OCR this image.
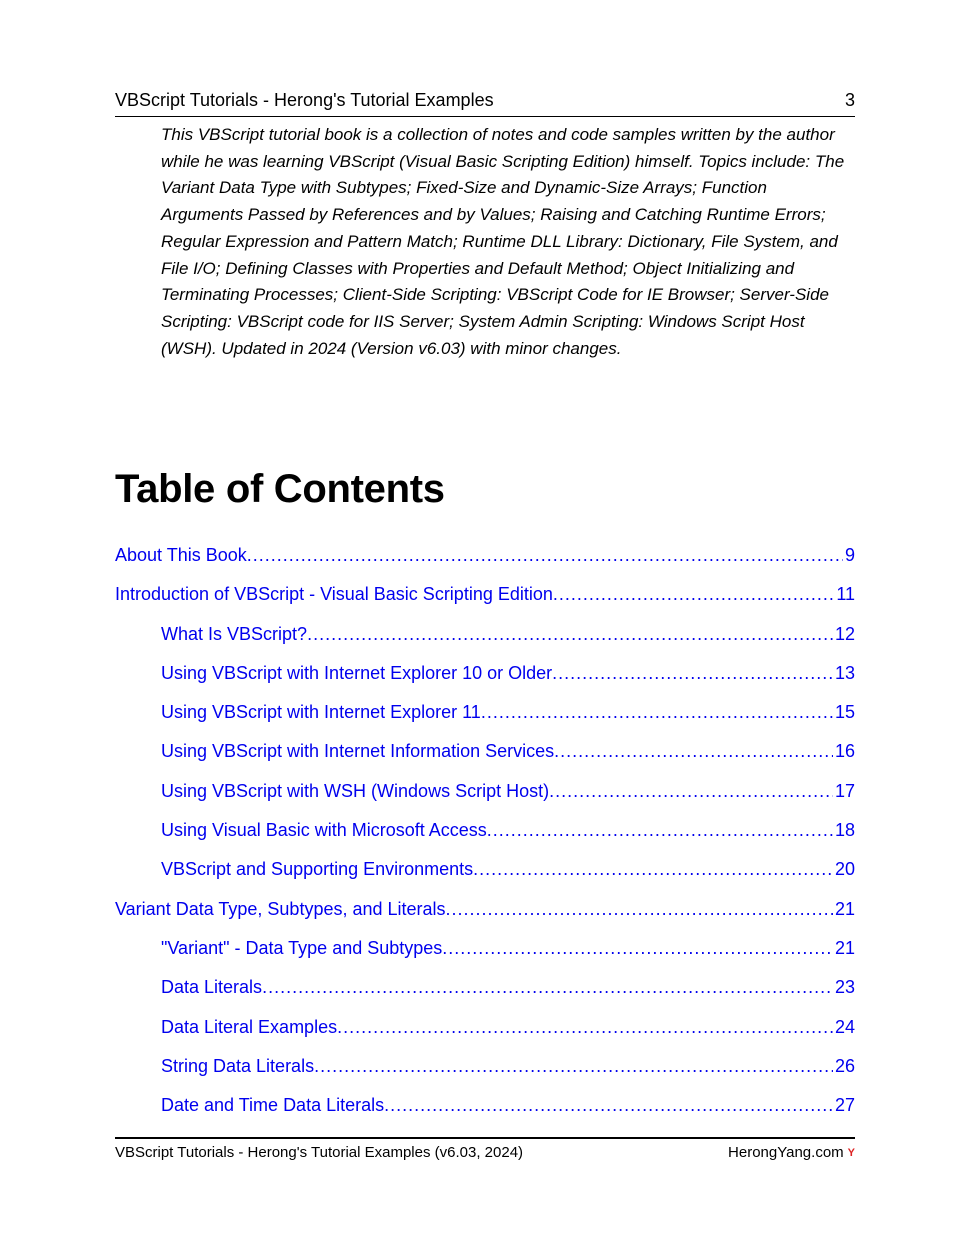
VBScript Tutorials - Herong's Tutorial Examples	3
This VBScript tutorial book is a collection of notes and code samples written by the author while he was learning VBScript (Visual Basic Scripting Edition) himself. Topics include: The Variant Data Type with Subtypes; Fixed-Size and Dynamic-Size Arrays; Function Arguments Passed by References and by Values; Raising and Catching Runtime Errors; Regular Expression and Pattern Match; Runtime DLL Library: Dictionary, File System, and File I/O; Defining Classes with Properties and Default Method; Object Initializing and Terminating Processes; Client-Side Scripting: VBScript Code for IE Browser; Server-Side Scripting: VBScript code for IIS Server; System Admin Scripting: Windows Script Host (WSH). Updated in 2024 (Version v6.03) with minor changes.
Table of Contents
About This Book .....	9
Introduction of VBScript - Visual Basic Scripting Edition .....	11
What Is VBScript? .....	12
Using VBScript with Internet Explorer 10 or Older .....	13
Using VBScript with Internet Explorer 11 .....	15
Using VBScript with Internet Information Services .....	16
Using VBScript with WSH (Windows Script Host) .....	17
Using Visual Basic with Microsoft Access .....	18
VBScript and Supporting Environments .....	20
Variant Data Type, Subtypes, and Literals .....	21
"Variant" - Data Type and Subtypes .....	21
Data Literals .....	23
Data Literal Examples .....	24
String Data Literals .....	26
Date and Time Data Literals .....	27
VBScript Tutorials - Herong's Tutorial Examples (v6.03, 2024)	HerongYang.com Y
